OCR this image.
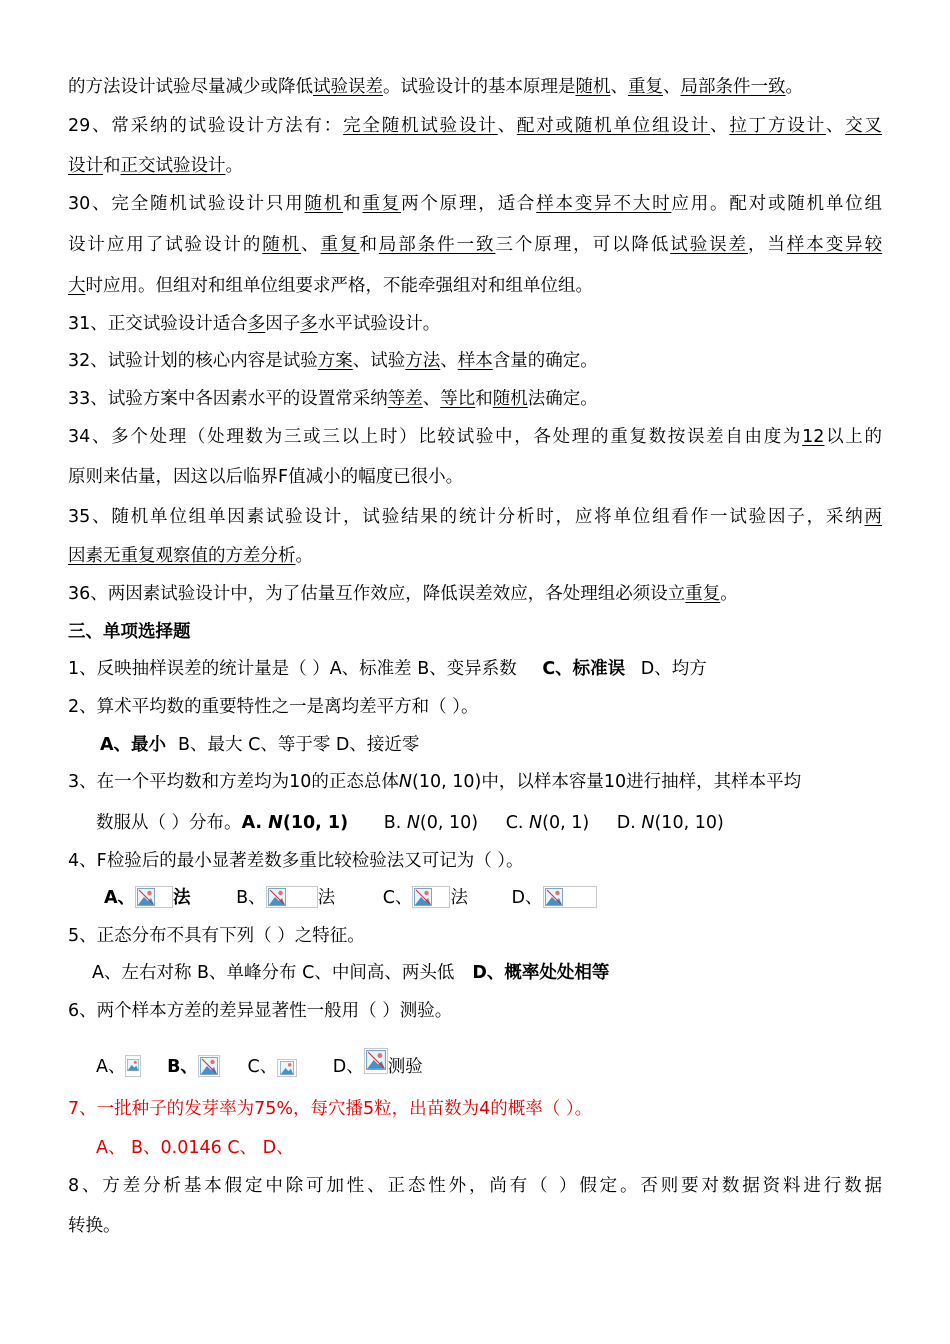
的方法设计试验尽量减少或降低试验误差。试验设计的基本原理是随机、重复、局部条件一致。
29、常采纳的试验设计方法有：完全随机试验设计、配对或随机单位组设计、拉丁方设计、交叉
设计和正交试验设计。
30、完全随机试验设计只用随机和重复两个原理，适合样本变异不大时应用。配对或随机单位组
设计应用了试验设计的随机、重复和局部条件一致三个原理，可以降低试验误差，当样本变异较
大时应用。但组对和组单位组要求严格，不能牵强组对和组单位组。
31、正交试验设计适合多因子多水平试验设计。
32、试验计划的核心内容是试验方案、试验方法、样本含量的确定。
33、试验方案中各因素水平的设置常采纳等差、等比和随机法确定。
34、多个处理（处理数为三或三以上时）比较试验中，各处理的重复数按误差自由度为12以上的
原则来估量，因这以后临界F值减小的幅度已很小。
35、随机单位组单因素试验设计，试验结果的统计分析时，应将单位组看作一试验因子，采纳两
因素无重复观察值的方差分析。
36、两因素试验设计中，为了估量互作效应，降低误差效应，各处理组必须设立重复。
三、单项选择题
1、反映抽样误差的统计量是（ ）A、标准差 B、变异系数 C、标准误 D、均方
2、算术平均数的重要特性之一是离均差平方和（ ）。
A、最小 B、最大 C、等于零 D、接近零
3、在一个平均数和方差均为10的正态总体N(10, 10)中，以样本容量10进行抽样，其样本平均
数服从（ ）分布。A. N(10, 1) B. N(0, 10) C. N(0, 1) D. N(10, 10)
4、F检验后的最小显著差数多重比较检验法又可记为（ ）。
A、 法	B、	法	C、 法 D、
5、正态分布不具有下列（ ）之特征。
A、左右对称 B、单峰分布 C、中间高、两头低 D、概率处处相等
6、两个样本方差的差异显著性一般用（ ）测验。
A、 B、	C、	D、 测验
7、一批种子的发芽率为75%，每穴播5粒，出苗数为4的概率（ ）。
A、 B、0.0146 C、 D、
8、方差分析基本假定中除可加性、正态性外，尚有（ ）假定。否则要对数据资料进行数据
转换。
